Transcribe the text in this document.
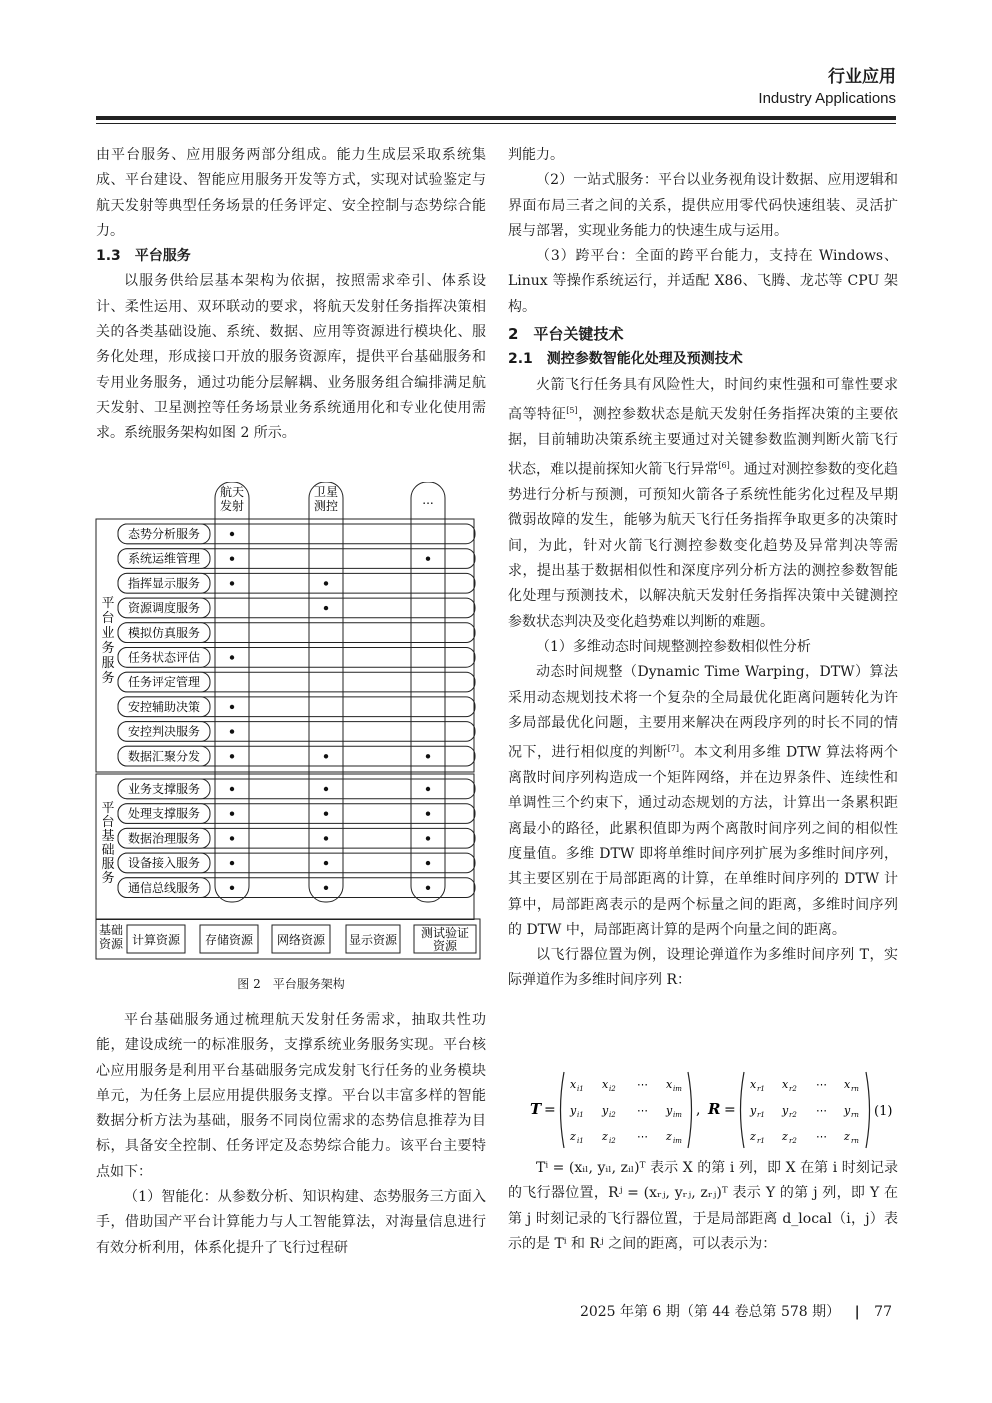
行业应用
Industry Applications

由平台服务、应用服务两部分组成。能力生成层采取系统集成、平台建设、智能应用服务开发等方式，实现对试验鉴定与航天发射等典型任务场景的任务评定、安全控制与态势综合能力。

1.3　平台服务

以服务供给层基本架构为依据，按照需求牵引、体系设计、柔性运用、双环联动的要求，将航天发射任务指挥决策相关的各类基础设施、系统、数据、应用等资源进行模块化、服务化处理，形成接口开放的服务资源库，提供平台基础服务和专用业务服务，通过功能分层解耦、业务服务组合编排满足航天发射、卫星测控等任务场景业务系统通用化和专业化使用需求。系统服务架构如图 2 所示。

航天
发射
卫星
测控	...
平
台
业
务
服
务
态势分析服务
系统运维管理
指挥显示服务
资源调度服务
模拟仿真服务
任务状态评估
任务评定管理
安控辅助决策
安控判决服务
数据汇聚分发
平
台
基
础
服
务
业务支撑服务
处理支撑服务
数据治理服务
设备接入服务
通信总线服务
基础
资源 计算资源 存储资源 网络资源 显示资源 测试验证
资源
图 2　平台服务架构

平台基础服务通过梳理航天发射任务需求，抽取共性功能，建设成统一的标准服务，支撑系统业务服务实现。平台核心应用服务是利用平台基础服务完成发射飞行任务的业务模块单元，为任务上层应用提供服务支撑。平台以丰富多样的智能数据分析方法为基础，服务不同岗位需求的态势信息推荐为目标，具备安全控制、任务评定及态势综合能力。该平台主要特点如下：

（1）智能化：从参数分析、知识构建、态势服务三方面入手，借助国产平台计算能力与人工智能算法，对海量信息进行有效分析利用，体系化提升了飞行过程研

判能力。

（2）一站式服务：平台以业务视角设计数据、应用逻辑和界面布局三者之间的关系，提供应用零代码快速组装、灵活扩展与部署，实现业务能力的快速生成与运用。

（3）跨平台：全面的跨平台能力，支持在 Windows、Linux 等操作系统运行，并适配 X86、飞腾、龙芯等 CPU 架构。

2　平台关键技术

2.1　测控参数智能化处理及预测技术

火箭飞行任务具有风险性大，时间约束性强和可靠性要求高等特征[5]，测控参数状态是航天发射任务指挥决策的主要依据，目前辅助决策系统主要通过对关键参数监测判断火箭飞行状态，难以提前探知火箭飞行异常[6]。通过对测控参数的变化趋势进行分析与预测，可预知火箭各子系统性能劣化过程及早期微弱故障的发生，能够为航天飞行任务指挥争取更多的决策时间，为此，针对火箭飞行测控参数变化趋势及异常判决等需求，提出基于数据相似性和深度序列分析方法的测控参数智能化处理与预测技术，以解决航天发射任务指挥决策中关键测控参数状态判决及变化趋势难以判断的难题。

（1）多维动态时间规整测控参数相似性分析

动态时间规整（Dynamic Time Warping，DTW）算法采用动态规划技术将一个复杂的全局最优化距离问题转化为许多局部最优化问题，主要用来解决在两段序列的时长不同的情况下，进行相似度的判断[7]。本文利用多维 DTW 算法将两个离散时间序列构造成一个矩阵网络，并在边界条件、连续性和单调性三个约束下，通过动态规划的方法，计算出一条累积距离最小的路径，此累积值即为两个离散时间序列之间的相似性度量值。多维 DTW 即将单维时间序列扩展为多维时间序列，其主要区别在于局部距离的计算，在单维时间序列的 DTW 计算中，局部距离表示的是两个标量之间的距离，多维时间序列的 DTW 中，局部距离计算的是两个向量之间的距离。

以飞行器位置为例，设理论弹道作为多维时间序列 T，实际弹道作为多维时间序列 R：

T =
x i1 x i2 ⋯ x im
y i1 y i2 ⋯ y im
z i1 z i2 ⋯ z im
, R =
x r1 x r2 ⋯ x rn
y r1 y r2 ⋯ y rn
z r1 z r2 ⋯ z rn
(1)

Tⁱ = (xᵢₗ, yᵢₗ, zᵢₗ)ᵀ 表示 X 的第 i 列，即 X 在第 i 时刻记录的飞行器位置，Rʲ = (xᵣⱼ, yᵣⱼ, zᵣⱼ)ᵀ 表示 Y 的第 j 列，即 Y 在第 j 时刻记录的飞行器位置，于是局部距离 d_local（i，j）表示的是 Tⁱ 和 Rʲ 之间的距离，可以表示为：

2025 年第 6 期（第 44 卷总第 578 期） | 77
